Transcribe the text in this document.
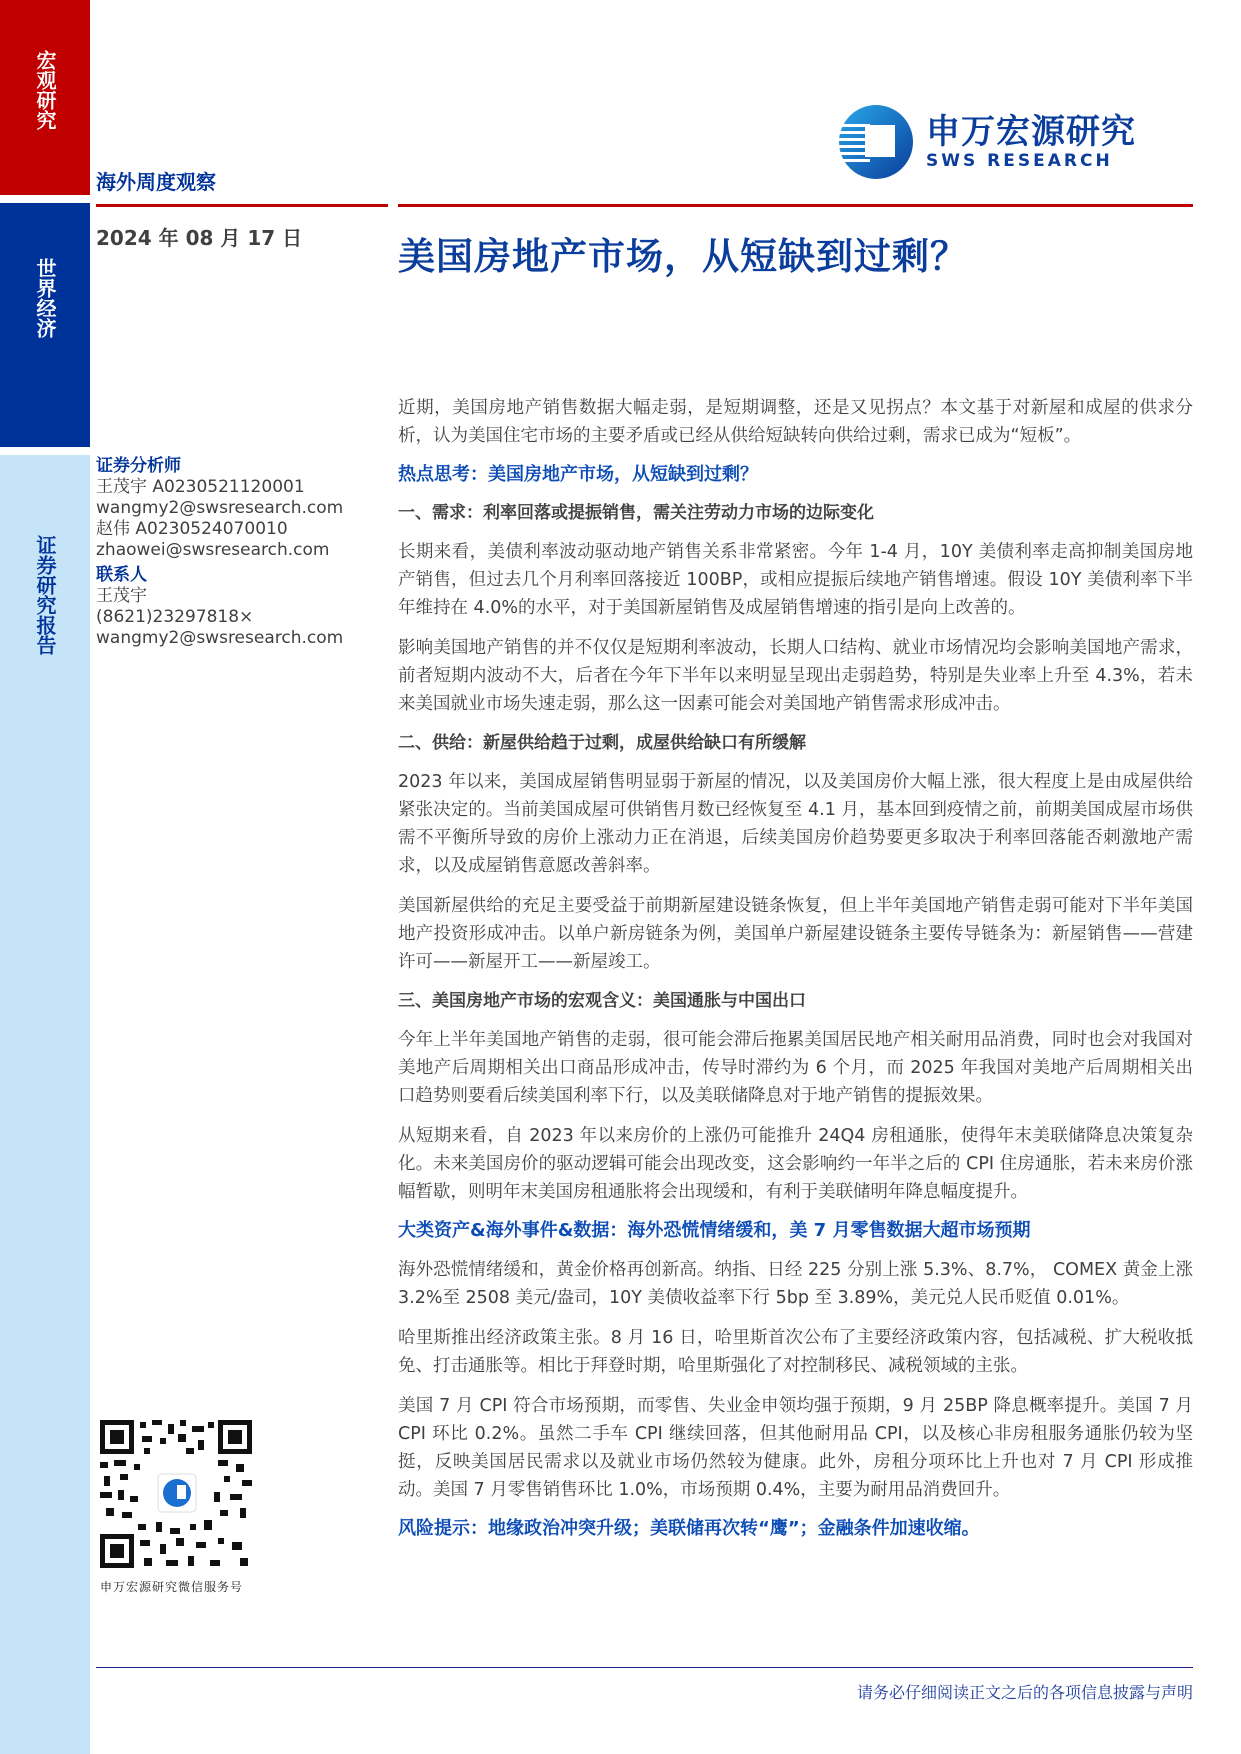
宏观研究
世界经济
证券研究报告
申万宏源研究
SWS RESEARCH
海外周度观察
2024 年 08 月 17 日	美国房地产市场，从短缺到过剩？
证券分析师
王茂宇 A0230521120001
wangmy2@swsresearch.com
赵伟 A0230524070010
zhaowei@swsresearch.com
联系人
王茂宇
(8621)23297818×
wangmy2@swsresearch.com
申万宏源研究微信服务号

近期，美国房地产销售数据大幅走弱，是短期调整，还是又见拐点？本文基于对新屋和成屋的供求分析，认为美国住宅市场的主要矛盾或已经从供给短缺转向供给过剩，需求已成为“短板”。

热点思考：美国房地产市场，从短缺到过剩？
一、需求：利率回落或提振销售，需关注劳动力市场的边际变化

长期来看，美债利率波动驱动地产销售关系非常紧密。今年 1-4 月，10Y 美债利率走高抑制美国房地产销售，但过去几个月利率回落接近 100BP，或相应提振后续地产销售增速。假设 10Y 美债利率下半年维持在 4.0%的水平，对于美国新屋销售及成屋销售增速的指引是向上改善的。

影响美国地产销售的并不仅仅是短期利率波动，长期人口结构、就业市场情况均会影响美国地产需求，前者短期内波动不大，后者在今年下半年以来明显呈现出走弱趋势，特别是失业率上升至 4.3%，若未来美国就业市场失速走弱，那么这一因素可能会对美国地产销售需求形成冲击。

二、供给：新屋供给趋于过剩，成屋供给缺口有所缓解

2023 年以来，美国成屋销售明显弱于新屋的情况，以及美国房价大幅上涨，很大程度上是由成屋供给紧张决定的。当前美国成屋可供销售月数已经恢复至 4.1 月，基本回到疫情之前，前期美国成屋市场供需不平衡所导致的房价上涨动力正在消退，后续美国房价趋势要更多取决于利率回落能否刺激地产需求，以及成屋销售意愿改善斜率。

美国新屋供给的充足主要受益于前期新屋建设链条恢复，但上半年美国地产销售走弱可能对下半年美国地产投资形成冲击。以单户新房链条为例，美国单户新屋建设链条主要传导链条为：新屋销售——营建许可——新屋开工——新屋竣工。

三、美国房地产市场的宏观含义：美国通胀与中国出口

今年上半年美国地产销售的走弱，很可能会滞后拖累美国居民地产相关耐用品消费，同时也会对我国对美地产后周期相关出口商品形成冲击，传导时滞约为 6 个月，而 2025 年我国对美地产后周期相关出口趋势则要看后续美国利率下行，以及美联储降息对于地产销售的提振效果。

从短期来看，自 2023 年以来房价的上涨仍可能推升 24Q4 房租通胀，使得年末美联储降息决策复杂化。未来美国房价的驱动逻辑可能会出现改变，这会影响约一年半之后的 CPI 住房通胀，若未来房价涨幅暂歇，则明年末美国房租通胀将会出现缓和，有利于美联储明年降息幅度提升。

大类资产&海外事件&数据：海外恐慌情绪缓和，美 7 月零售数据大超市场预期

海外恐慌情绪缓和，黄金价格再创新高。纳指、日经 225 分别上涨 5.3%、8.7%， COMEX 黄金上涨 3.2%至 2508 美元/盎司，10Y 美债收益率下行 5bp 至 3.89%，美元兑人民币贬值 0.01%。

哈里斯推出经济政策主张。8 月 16 日，哈里斯首次公布了主要经济政策内容，包括减税、扩大税收抵免、打击通胀等。相比于拜登时期，哈里斯强化了对控制移民、减税领域的主张。

美国 7 月 CPI 符合市场预期，而零售、失业金申领均强于预期，9 月 25BP 降息概率提升。美国 7 月 CPI 环比 0.2%。虽然二手车 CPI 继续回落，但其他耐用品 CPI，以及核心非房租服务通胀仍较为坚挺，反映美国居民需求以及就业市场仍然较为健康。此外，房租分项环比上升也对 7 月 CPI 形成推动。美国 7 月零售销售环比 1.0%，市场预期 0.4%，主要为耐用品消费回升。

风险提示：地缘政治冲突升级；美联储再次转“鹰”；金融条件加速收缩。
请务必仔细阅读正文之后的各项信息披露与声明
